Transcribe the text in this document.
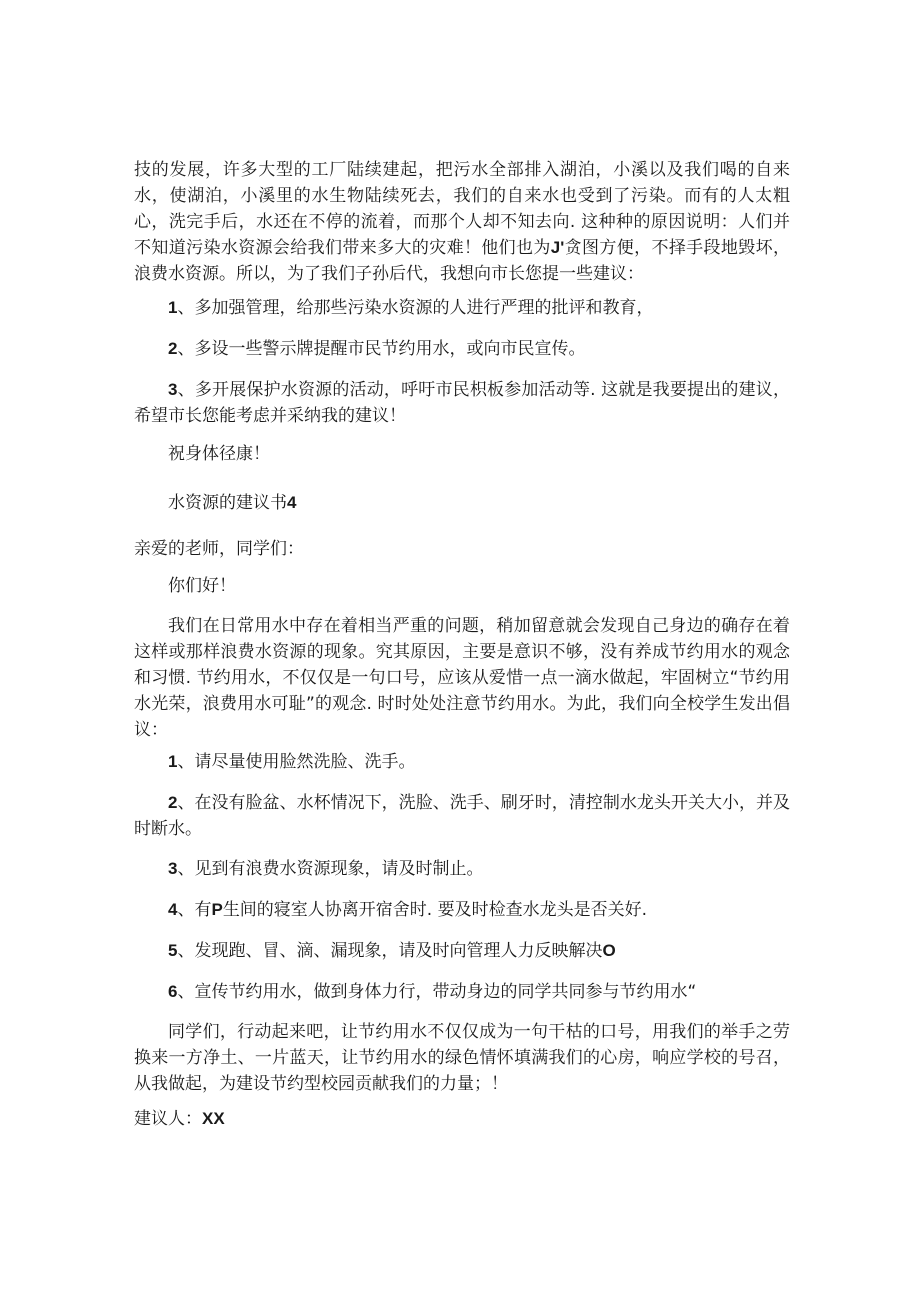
技的发展，许多大型的工厂陆续建起，把污水全部排入湖泊，小溪以及我们喝的自来水，使湖泊，小溪里的水生物陆续死去，我们的自来水也受到了污染。而有的人太粗心，洗完手后，水还在不停的流着，而那个人却不知去向. 这种种的原因说明：人们并不知道污染水资源会给我们带来多大的灾难！他们也为J'贪图方便，不择手段地毁坏，浪费水资源。所以，为了我们子孙后代，我想向市长您提一些建议：

1、多加强管理，给那些污染水资源的人进行严理的批评和教育，

2、多设一些警示牌提醒市民节约用水，或向市民宣传。

3、多开展保护水资源的活动，呼吁市民枳板参加活动等. 这就是我要提出的建议，希望市长您能考虑并采纳我的建议！

祝身体径康！

水资源的建议书4

亲爱的老师，同学们：

你们好！

我们在日常用水中存在着相当严重的问题，稍加留意就会发现自己身边的确存在着这样或那样浪费水资源的现象。究其原因，主要是意识不够，没有养成节约用水的观念和习惯. 节约用水，不仅仅是一句口号，应该从爱惜一点一滴水做起，牢固树立“节约用水光荣，浪费用水可耻”的观念. 时时处处注意节约用水。为此，我们向全校学生发出倡议：

1、请尽量使用脸然洗脸、洗手。

2、在没有脸盆、水杯情况下，洗脸、洗手、刷牙时，清控制水龙头开关大小，并及时断水。

3、见到有浪费水资源现象，请及时制止。

4、有P生间的寝室人协离开宿舍时. 要及时检查水龙头是否关好.

5、发现跑、冒、滴、漏现象，请及时向管理人力反映解决O

6、宣传节约用水，做到身体力行，带动身边的同学共同参与节约用水“

同学们，行动起来吧，让节约用水不仅仅成为一句干枯的口号，用我们的举手之劳换来一方净土、一片蓝天，让节约用水的绿色情怀填满我们的心房，响应学校的号召，从我做起，为建设节约型校园贡献我们的力量；！

建议人：XX
